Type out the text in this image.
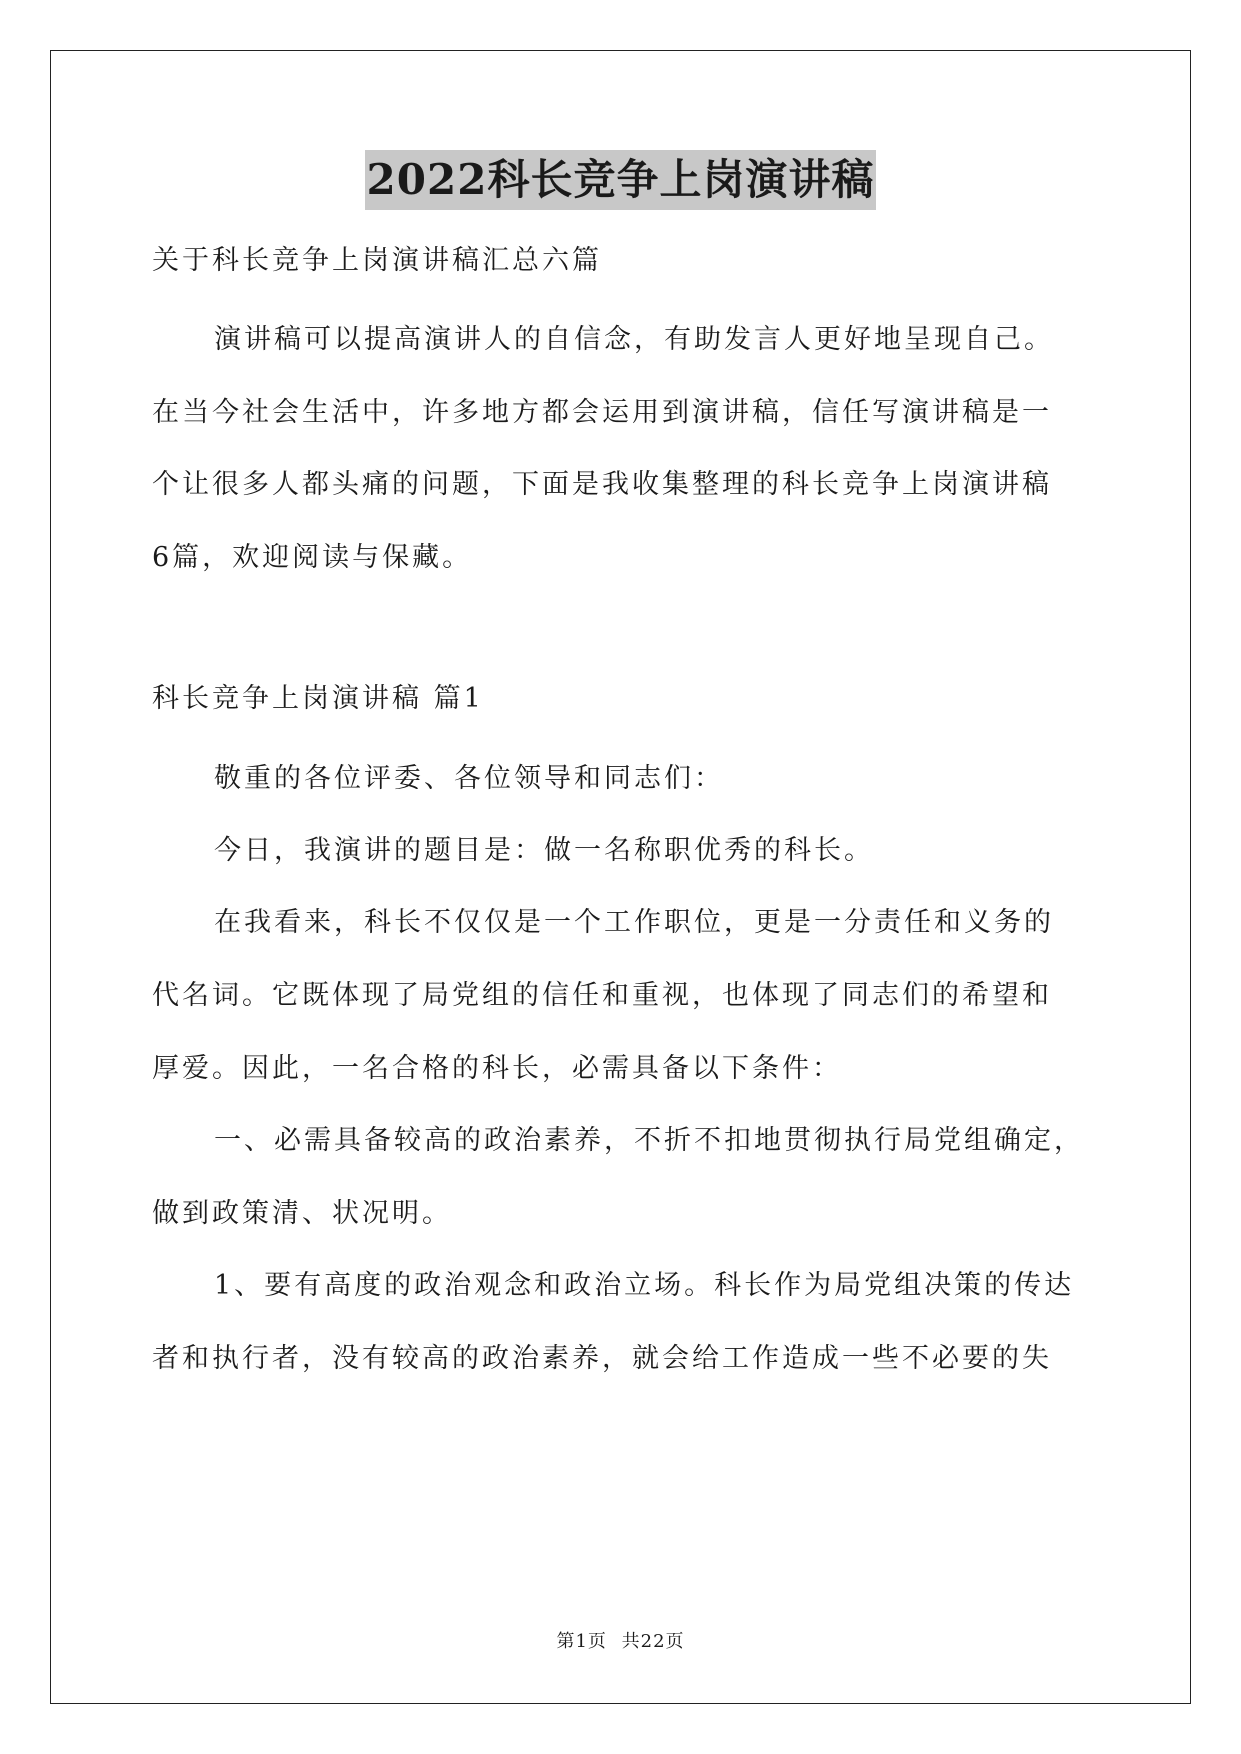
2022科长竞争上岗演讲稿
关于科长竞争上岗演讲稿汇总六篇
演讲稿可以提高演讲人的自信念，有助发言人更好地呈现自己。
在当今社会生活中，许多地方都会运用到演讲稿，信任写演讲稿是一
个让很多人都头痛的问题，下面是我收集整理的科长竞争上岗演讲稿
6篇，欢迎阅读与保藏。
科长竞争上岗演讲稿 篇1
敬重的各位评委、各位领导和同志们：
今日，我演讲的题目是：做一名称职优秀的科长。
在我看来，科长不仅仅是一个工作职位，更是一分责任和义务的
代名词。它既体现了局党组的信任和重视，也体现了同志们的希望和
厚爱。因此，一名合格的科长，必需具备以下条件：
一、必需具备较高的政治素养，不折不扣地贯彻执行局党组确定，
做到政策清、状况明。
1、要有高度的政治观念和政治立场。科长作为局党组决策的传达
者和执行者，没有较高的政治素养，就会给工作造成一些不必要的失
第1页 共22页
